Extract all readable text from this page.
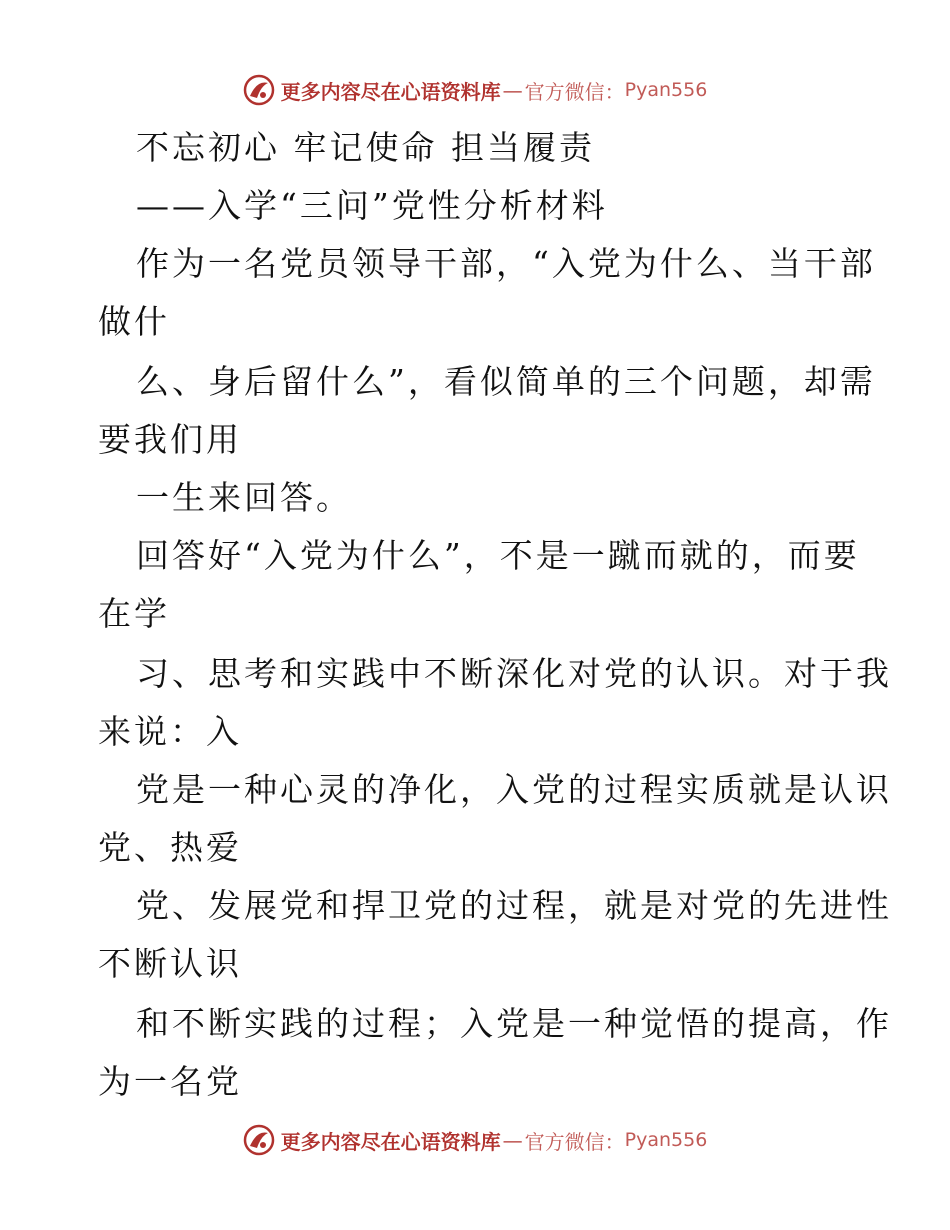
更多内容尽在心语资料库 — 官方微信： Pyan556
不忘初心 牢记使命 担当履责
——入学“三问”党性分析材料
作为一名党员领导干部，“入党为什么、当干部
做什
么、身后留什么”，看似简单的三个问题，却需
要我们用
一生来回答。
回答好“入党为什么”，不是一蹴而就的，而要
在学
习、思考和实践中不断深化对党的认识。对于我
来说：入
党是一种心灵的净化，入党的过程实质就是认识
党、热爱
党、发展党和捍卫党的过程，就是对党的先进性
不断认识
和不断实践的过程；入党是一种觉悟的提高，作
为一名党
更多内容尽在心语资料库 — 官方微信： Pyan556
